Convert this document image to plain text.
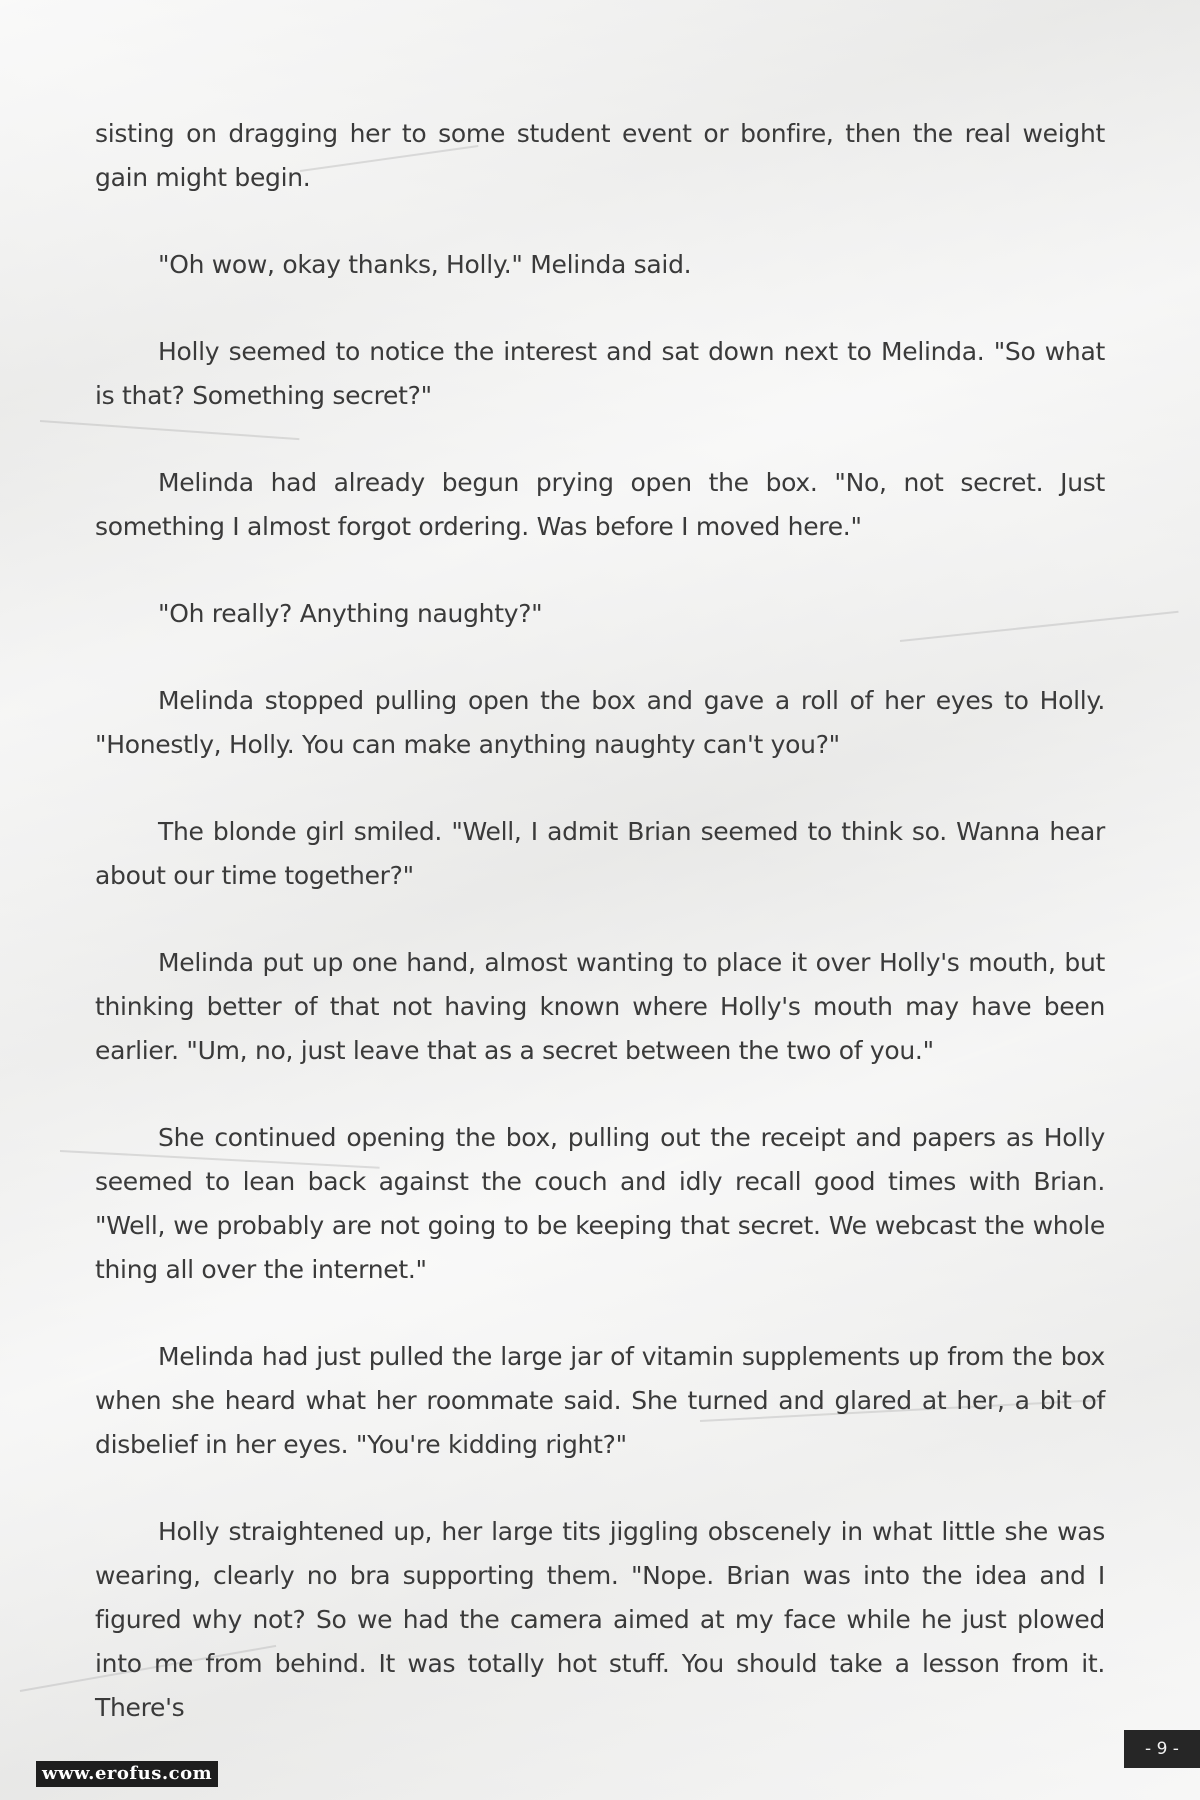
sisting on dragging her to some student event or bonfire, then the real weight gain might begin.

"Oh wow, okay thanks, Holly." Melinda said.

Holly seemed to notice the interest and sat down next to Melinda. "So what is that? Something secret?"

Melinda had already begun prying open the box. "No, not secret. Just something I almost forgot ordering. Was before I moved here."

"Oh really? Anything naughty?"

Melinda stopped pulling open the box and gave a roll of her eyes to Holly. "Honestly, Holly. You can make anything naughty can't you?"

The blonde girl smiled. "Well, I admit Brian seemed to think so. Wanna hear about our time together?"

Melinda put up one hand, almost wanting to place it over Holly's mouth, but thinking better of that not having known where Holly's mouth may have been earlier. "Um, no, just leave that as a secret between the two of you."

She continued opening the box, pulling out the receipt and papers as Holly seemed to lean back against the couch and idly recall good times with Brian. "Well, we probably are not going to be keeping that secret. We webcast the whole thing all over the internet."

Melinda had just pulled the large jar of vitamin supplements up from the box when she heard what her roommate said. She turned and glared at her, a bit of disbelief in her eyes. "You're kidding right?"

Holly straightened up, her large tits jiggling obscenely in what little she was wearing, clearly no bra supporting them. "Nope. Brian was into the idea and I figured why not? So we had the camera aimed at my face while he just plowed into me from behind. It was totally hot stuff. You should take a lesson from it. There's

- 9 -
www.erofus.com
